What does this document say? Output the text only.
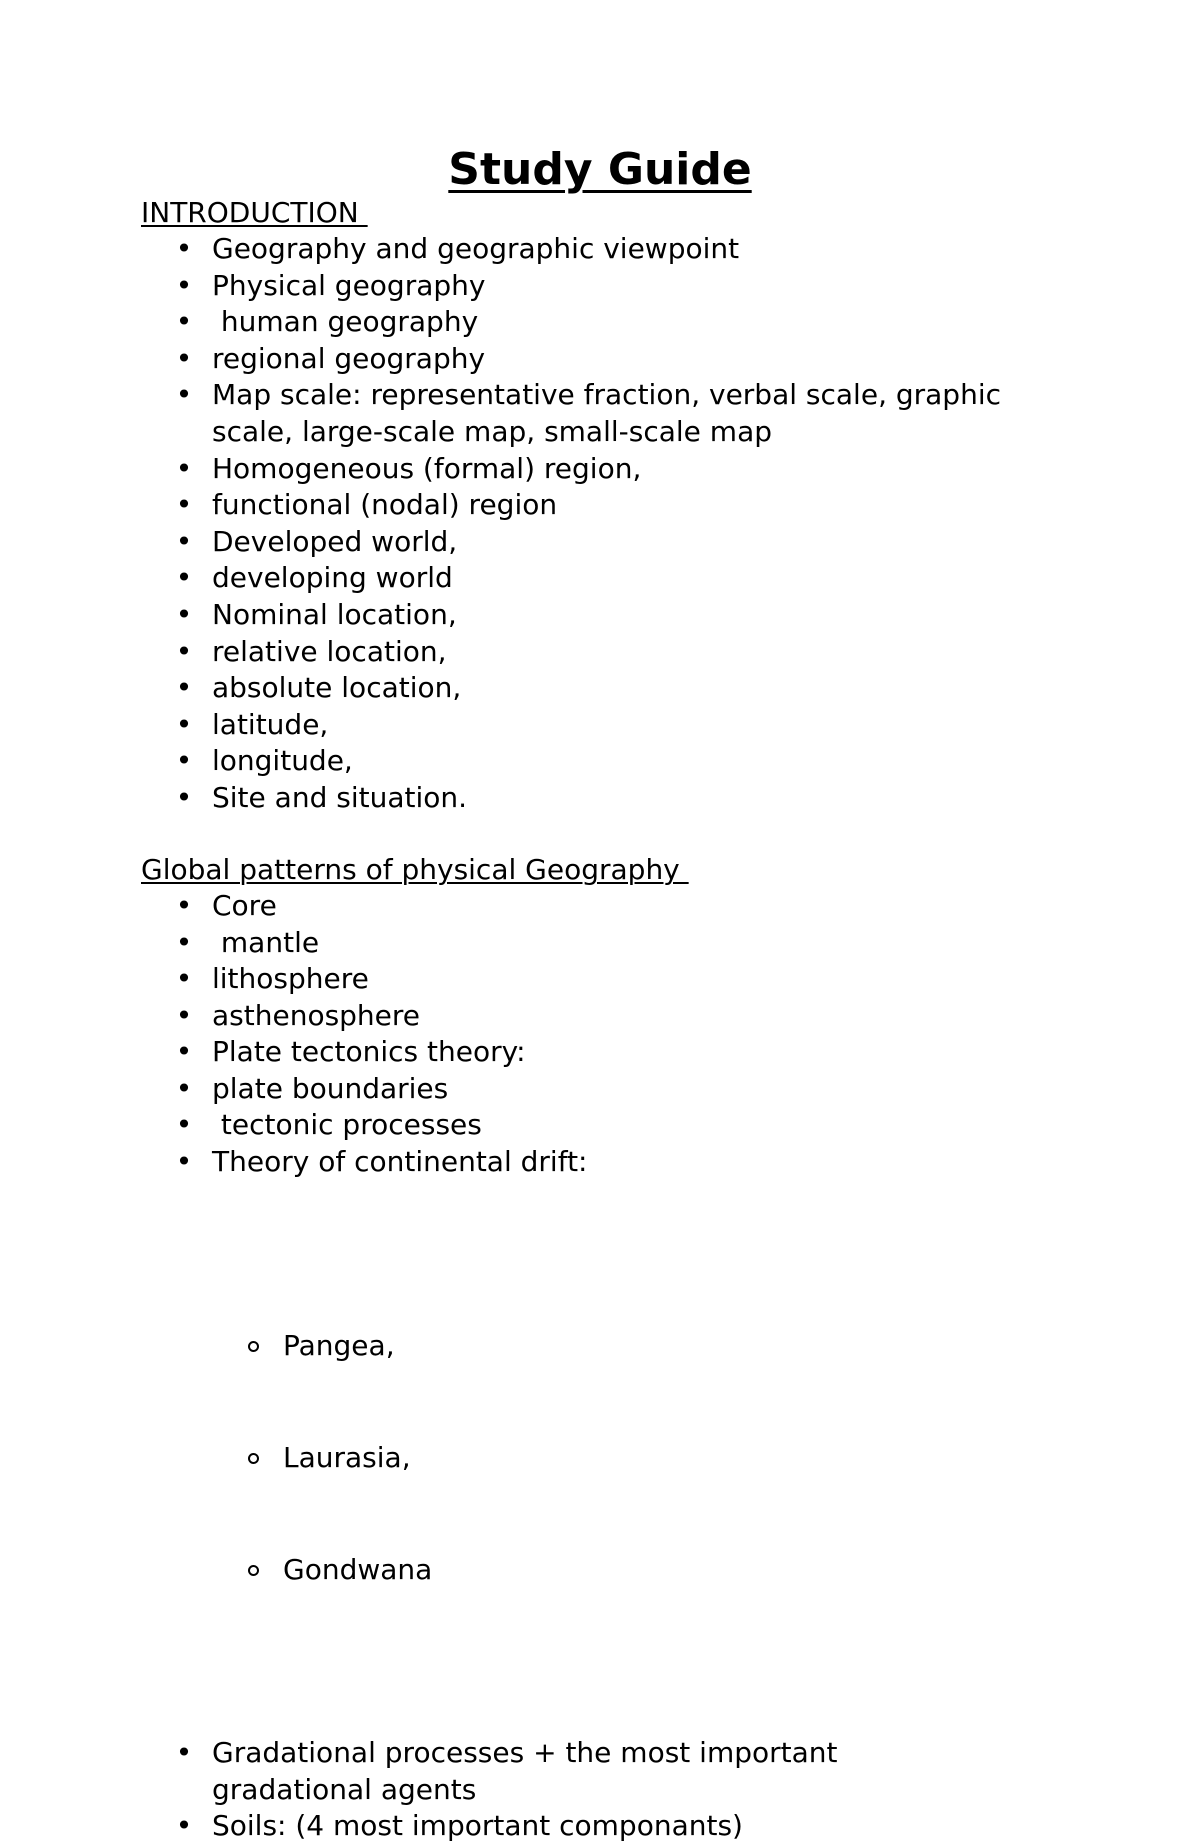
Study Guide

INTRODUCTION

• Geography and geographic viewpoint
• Physical geography
• human geography
• regional geography
• Map scale: representative fraction, verbal scale, graphic scale, large-scale map, small-scale map
• Homogeneous (formal) region,
• functional (nodal) region
• Developed world,
• developing world
• Nominal location,
• relative location,
• absolute location,
• latitude,
• longitude,
• Site and situation.

Global patterns of physical Geography

• Core
• mantle
• lithosphere
• asthenosphere
• Plate tectonics theory:
• plate boundaries
• tectonic processes
• Theory of continental drift:

Pangea,

Laurasia,

Gondwana

• Gradational processes + the most important gradational agents
• Soils: (4 most important componants)
